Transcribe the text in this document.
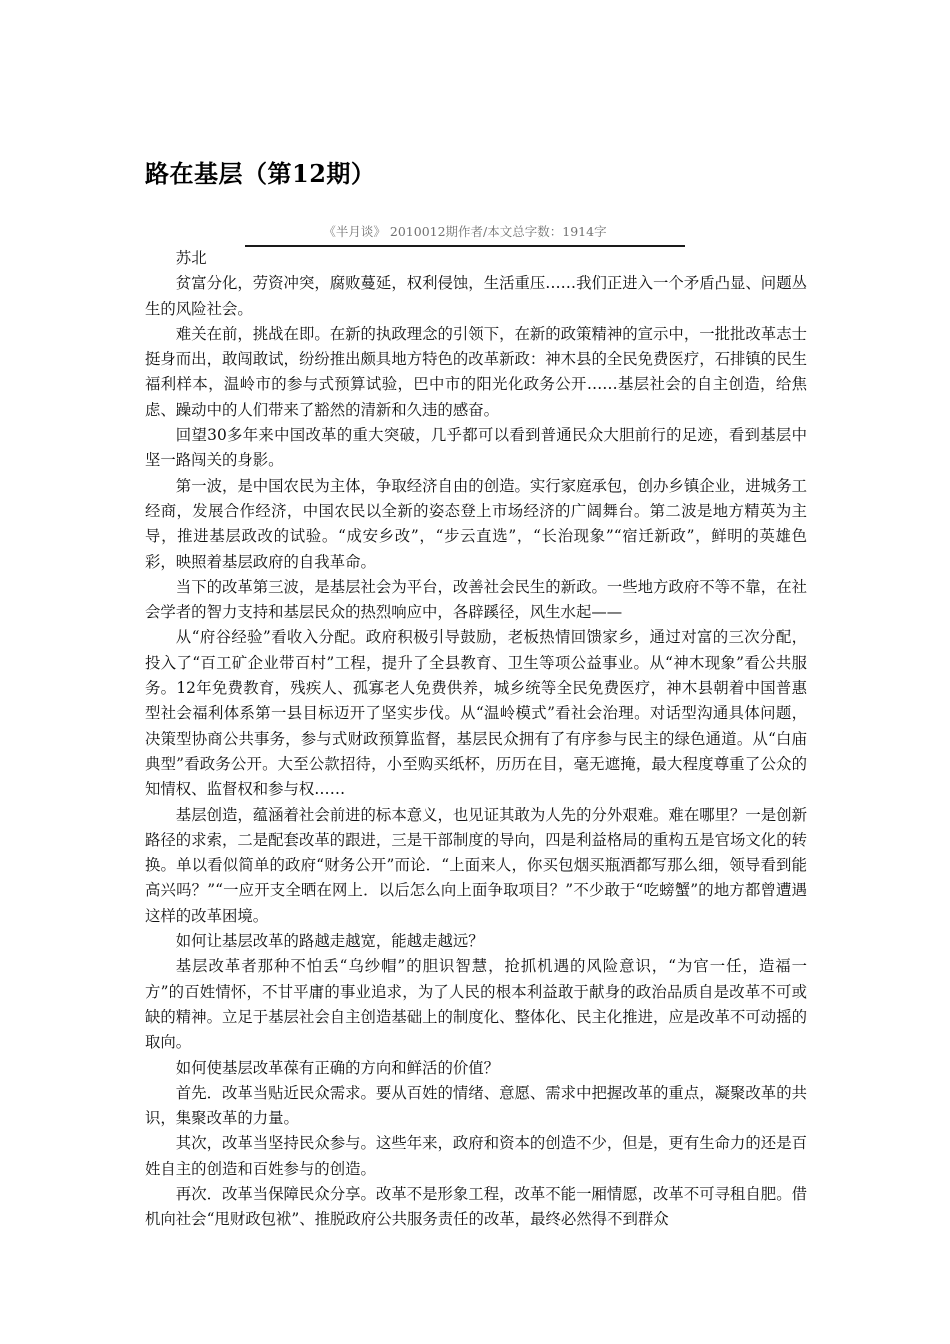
路在基层（第12期）
《半月谈》 2010012期作者/本文总字数：1914字

苏北

贫富分化，劳资冲突，腐败蔓延，权利侵蚀，生活重压……我们正进入一个矛盾凸显、问题丛生的风险社会。

难关在前，挑战在即。在新的执政理念的引领下，在新的政策精神的宣示中，一批批改革志士挺身而出，敢闯敢试，纷纷推出颇具地方特色的改革新政：神木县的全民免费医疗，石排镇的民生福利样本，温岭市的参与式预算试验，巴中市的阳光化政务公开……基层社会的自主创造，给焦虑、躁动中的人们带来了豁然的清新和久违的感奋。

回望30多年来中国改革的重大突破，几乎都可以看到普通民众大胆前行的足迹，看到基层中坚一路闯关的身影。

第一波，是中国农民为主体，争取经济自由的创造。实行家庭承包，创办乡镇企业，进城务工经商，发展合作经济，中国农民以全新的姿态登上市场经济的广阔舞台。第二波是地方精英为主导，推进基层政改的试验。“成安乡改”，“步云直选”，“长治现象”“宿迁新政”，鲜明的英雄色彩，映照着基层政府的自我革命。

当下的改革第三波，是基层社会为平台，改善社会民生的新政。一些地方政府不等不靠，在社会学者的智力支持和基层民众的热烈响应中，各辟蹊径，风生水起——

从“府谷经验”看收入分配。政府积极引导鼓励，老板热情回馈家乡，通过对富的三次分配，投入了“百工矿企业带百村”工程，提升了全县教育、卫生等项公益事业。从“神木现象”看公共服务。12年免费教育，残疾人、孤寡老人免费供养，城乡统等全民免费医疗，神木县朝着中国普惠型社会福利体系第一县目标迈开了坚实步伐。从“温岭模式”看社会治理。对话型沟通具体问题，决策型协商公共事务，参与式财政预算监督，基层民众拥有了有序参与民主的绿色通道。从“白庙典型”看政务公开。大至公款招待，小至购买纸杯，历历在目，毫无遮掩，最大程度尊重了公众的知情权、监督权和参与权……

基层创造，蕴涵着社会前进的标本意义，也见证其敢为人先的分外艰难。难在哪里？一是创新路径的求索，二是配套改革的跟进，三是干部制度的导向，四是利益格局的重构五是官场文化的转换。单以看似简单的政府“财务公开”而论．“上面来人，你买包烟买瓶酒都写那么细，领导看到能高兴吗？”“一应开支全晒在网上．以后怎么向上面争取项目？”不少敢于“吃螃蟹”的地方都曾遭遇这样的改革困境。

如何让基层改革的路越走越宽，能越走越远？

基层改革者那种不怕丢“乌纱帽”的胆识智慧，抢抓机遇的风险意识，“为官一任，造福一方”的百姓情怀，不甘平庸的事业追求，为了人民的根本利益敢于献身的政治品质自是改革不可或缺的精神。立足于基层社会自主创造基础上的制度化、整体化、民主化推进，应是改革不可动摇的取向。

如何使基层改革葆有正确的方向和鲜活的价值？

首先．改革当贴近民众需求。要从百姓的情绪、意愿、需求中把握改革的重点，凝聚改革的共识，集聚改革的力量。

其次，改革当坚持民众参与。这些年来，政府和资本的创造不少，但是，更有生命力的还是百姓自主的创造和百姓参与的创造。

再次．改革当保障民众分享。改革不是形象工程，改革不能一厢情愿，改革不可寻租自肥。借机向社会“甩财政包袱”、推脱政府公共服务责任的改革，最终必然得不到群众
